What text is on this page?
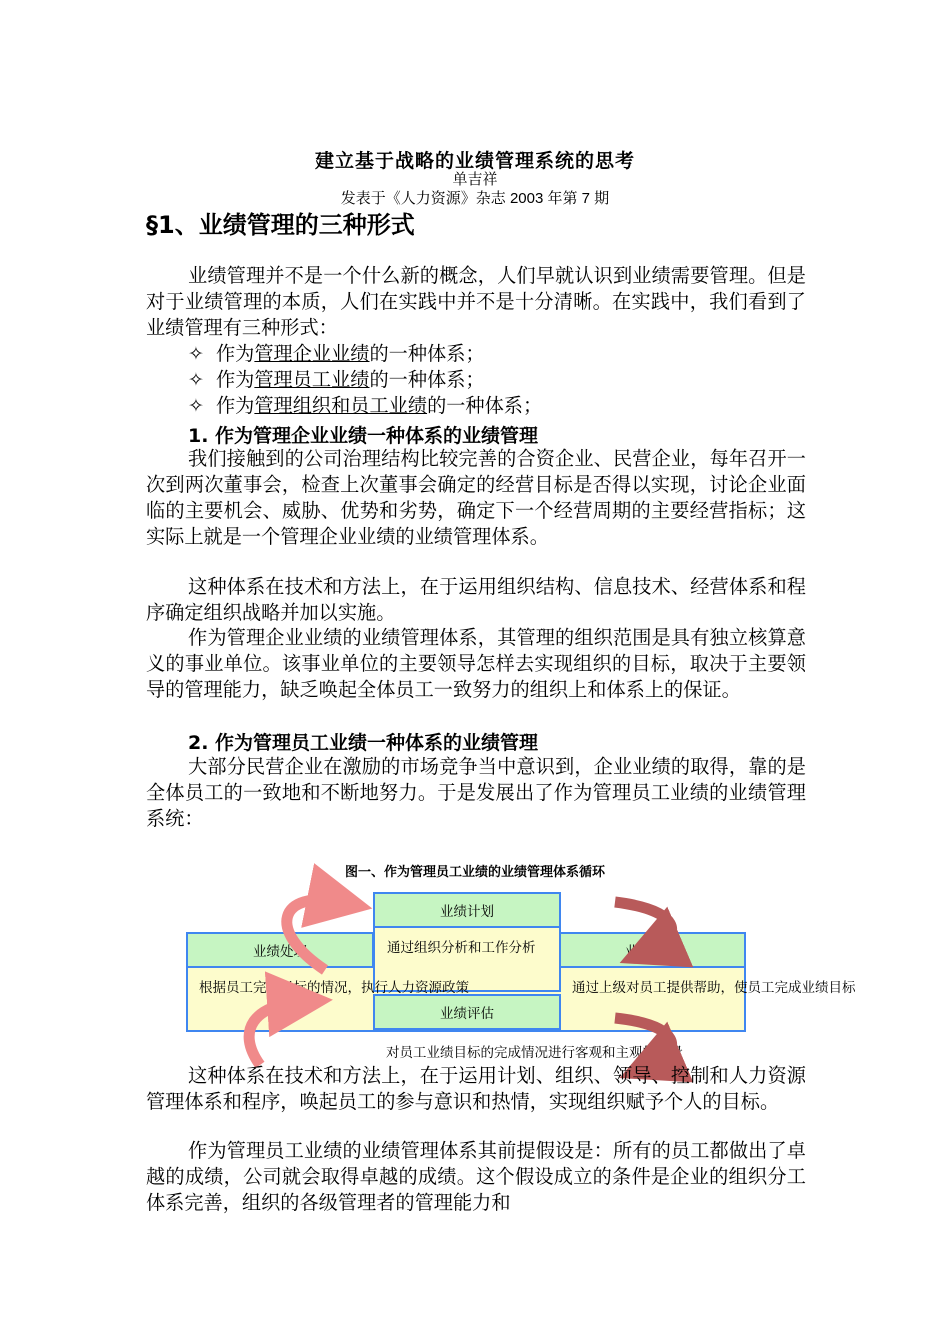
建立基于战略的业绩管理系统的思考
单吉祥
发表于《人力资源》杂志 2003 年第 7 期
§1、业绩管理的三种形式
业绩管理并不是一个什么新的概念，人们早就认识到业绩需要管理。但是对于业绩管理的本质，人们在实践中并不是十分清晰。在实践中，我们看到了业绩管理有三种形式：
✧ 作为管理企业业绩的一种体系；
✧ 作为管理员工业绩的一种体系；
✧ 作为管理组织和员工业绩的一种体系；
1. 作为管理企业业绩一种体系的业绩管理
我们接触到的公司治理结构比较完善的合资企业、民营企业，每年召开一次到两次董事会，检查上次董事会确定的经营目标是否得以实现，讨论企业面临的主要机会、威胁、优势和劣势，确定下一个经营周期的主要经营指标；这实际上就是一个管理企业业绩的业绩管理体系。
这种体系在技术和方法上，在于运用组织结构、信息技术、经营体系和程序确定组织战略并加以实施。
作为管理企业业绩的业绩管理体系，其管理的组织范围是具有独立核算意义的事业单位。该事业单位的主要领导怎样去实现组织的目标，取决于主要领导的管理能力，缺乏唤起全体员工一致努力的组织上和体系上的保证。
2. 作为管理员工业绩一种体系的业绩管理
大部分民营企业在激励的市场竞争当中意识到，企业业绩的取得，靠的是全体员工的一致地和不断地努力。于是发展出了作为管理员工业绩的业绩管理系统：
图一、作为管理员工业绩的业绩管理体系循环
业绩处理	业绩辅导
业绩计划
通过组织分析和工作分析
业绩评估
根据员工完成目标的情况，执行人力资源政策	通过上级对员工提供帮助，使员工完成业绩目标
对员工业绩目标的完成情况进行客观和主观的测量
这种体系在技术和方法上，在于运用计划、组织、领导、控制和人力资源管理体系和程序，唤起员工的参与意识和热情，实现组织赋予个人的目标。
作为管理员工业绩的业绩管理体系其前提假设是：所有的员工都做出了卓越的成绩，公司就会取得卓越的成绩。这个假设成立的条件是企业的组织分工体系完善，组织的各级管理者的管理能力和
